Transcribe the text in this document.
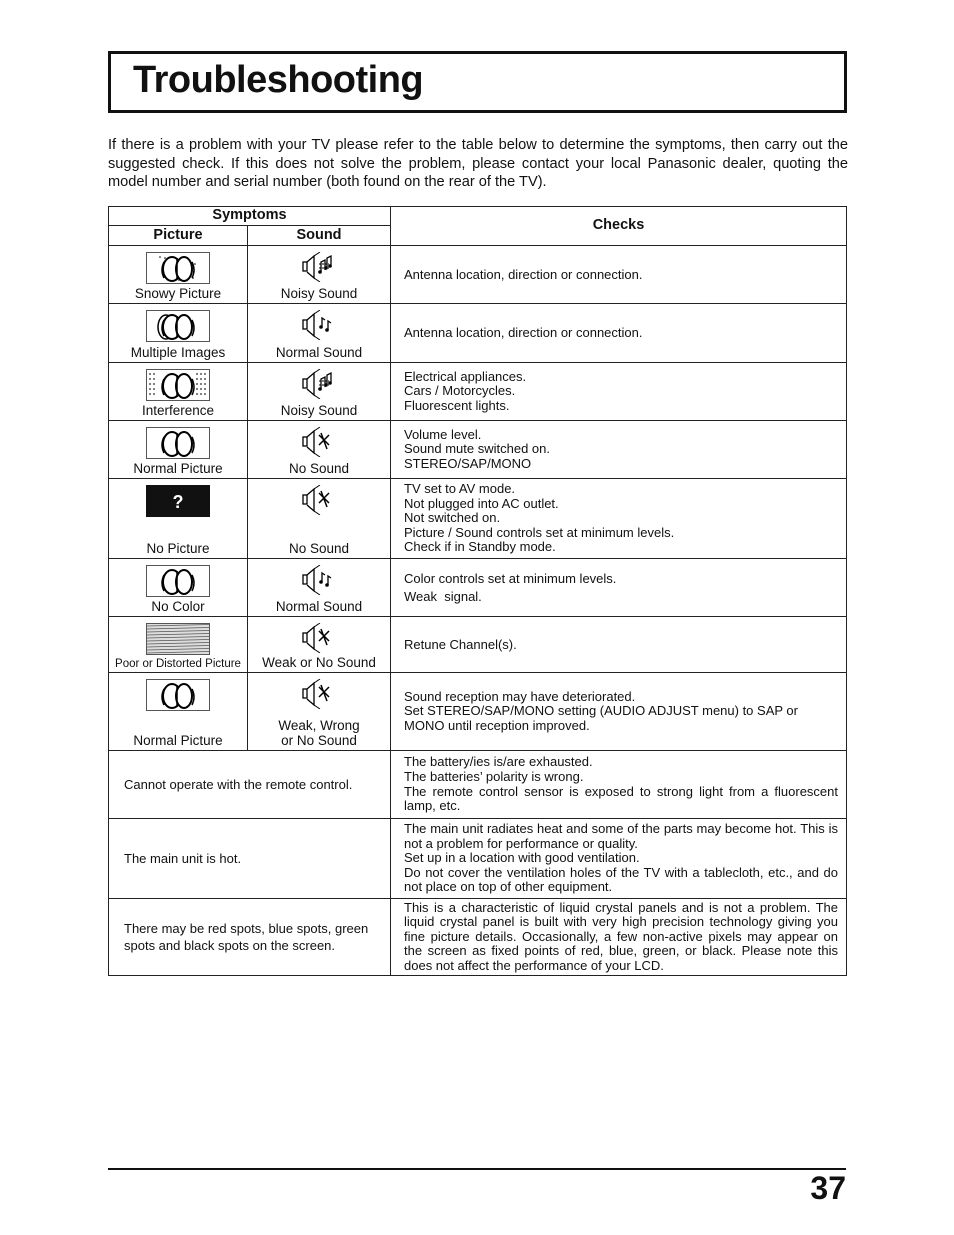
Troubleshooting
If there is a problem with your TV please refer to the table below to determine the symptoms, then carry out the suggested check. If this does not solve the problem, please contact your local Panasonic dealer, quoting the model number and serial number (both found on the rear of the TV).
Symptoms
Picture	Sound
Checks
Snowy Picture	Noisy Sound
Antenna location, direction or connection.
Multiple Images	Normal Sound
Antenna location, direction or connection.
Interference	Noisy Sound
Electrical appliances.
Cars / Motorcycles.
Fluorescent lights.
Normal Picture	No Sound
Volume level.
Sound mute switched on.
STEREO/SAP/MONO
?
No Picture	No Sound
TV set to AV mode.
Not plugged into AC outlet.
Not switched on.
Picture / Sound controls set at minimum levels.
Check if in Standby mode.
No Color	Normal Sound
Color controls set at minimum levels.
Weak  signal.
Poor or Distorted Picture	Weak or No Sound
Retune Channel(s).
Normal Picture
Weak, Wrong
or No Sound
Sound reception may have deteriorated.
Set STEREO/SAP/MONO setting (AUDIO ADJUST menu) to SAP or MONO until reception improved.
Cannot operate with the remote control.
The battery/ies is/are exhausted.
The batteries’ polarity is wrong.
The remote control sensor is exposed to strong light from a fluorescent lamp, etc.
The main unit is hot.
The main unit radiates heat and some of the parts may become hot. This is not a problem for performance or quality.
Set up in a location with good ventilation.
Do not cover the ventilation holes of the TV with a tablecloth, etc., and do not place on top of other equipment.
There may be red spots, blue spots, green spots and black spots on the screen.
This is a characteristic of liquid crystal panels and is not a problem. The liquid crystal panel is built with very high precision technology giving you fine picture details. Occasionally, a few non-active pixels may appear on the screen as fixed points of red, blue, green, or black. Please note this does not affect the performance of your LCD.
37
